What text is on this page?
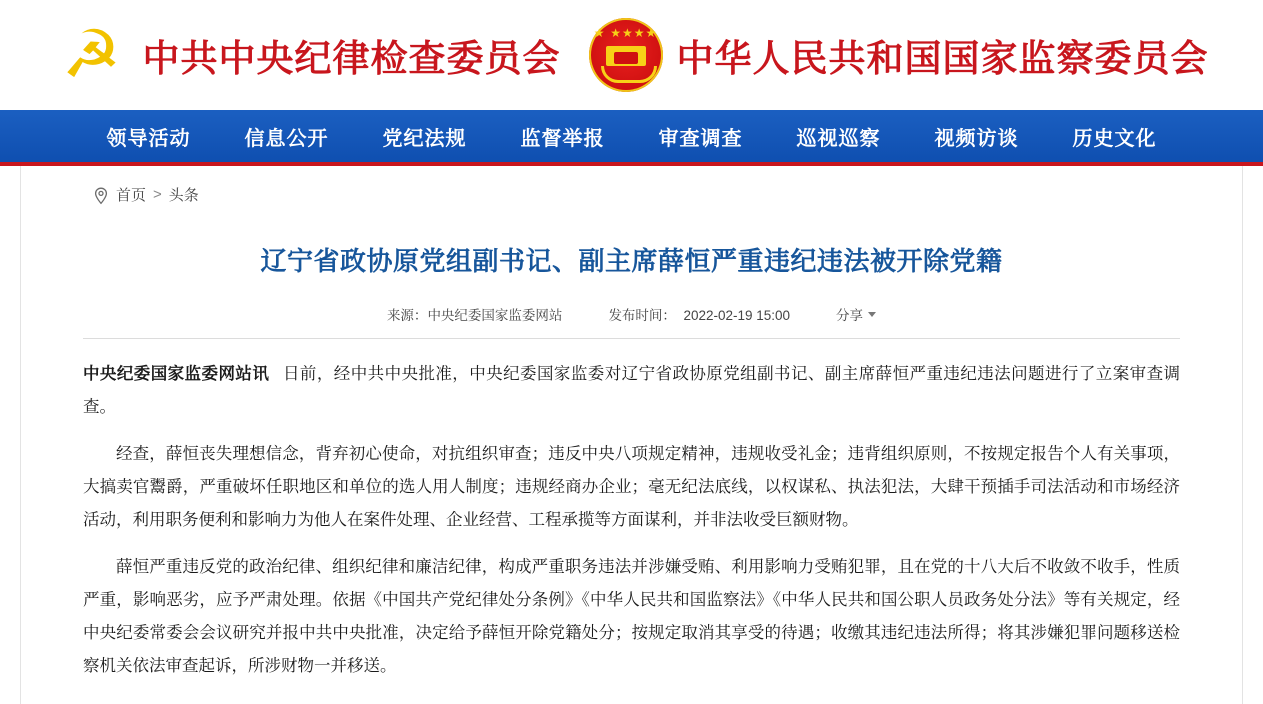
☭ 中共中央纪律检查委员会
★ ★★★★
中华人民共和国国家监察委员会
领导活动	信息公开	党纪法规	监督举报	审查调查	巡视巡察	视频访谈	历史文化
首页 > 头条
辽宁省政协原党组副书记、副主席薛恒严重违纪违法被开除党籍
来源：中央纪委国家监委网站	发布时间： 2022-02-19 15:00	分享

中央纪委国家监委网站讯 日前，经中共中央批准，中央纪委国家监委对辽宁省政协原党组副书记、副主席薛恒严重违纪违法问题进行了立案审查调查。

经查，薛恒丧失理想信念，背弃初心使命，对抗组织审查；违反中央八项规定精神，违规收受礼金；违背组织原则，不按规定报告个人有关事项，大搞卖官鬻爵，严重破坏任职地区和单位的选人用人制度；违规经商办企业；毫无纪法底线，以权谋私、执法犯法，大肆干预插手司法活动和市场经济活动，利用职务便利和影响力为他人在案件处理、企业经营、工程承揽等方面谋利，并非法收受巨额财物。

薛恒严重违反党的政治纪律、组织纪律和廉洁纪律，构成严重职务违法并涉嫌受贿、利用影响力受贿犯罪，且在党的十八大后不收敛不收手，性质严重，影响恶劣，应予严肃处理。依据《中国共产党纪律处分条例》《中华人民共和国监察法》《中华人民共和国公职人员政务处分法》等有关规定，经中央纪委常委会会议研究并报中共中央批准，决定给予薛恒开除党籍处分；按规定取消其享受的待遇；收缴其违纪违法所得；将其涉嫌犯罪问题移送检察机关依法审查起诉，所涉财物一并移送。
